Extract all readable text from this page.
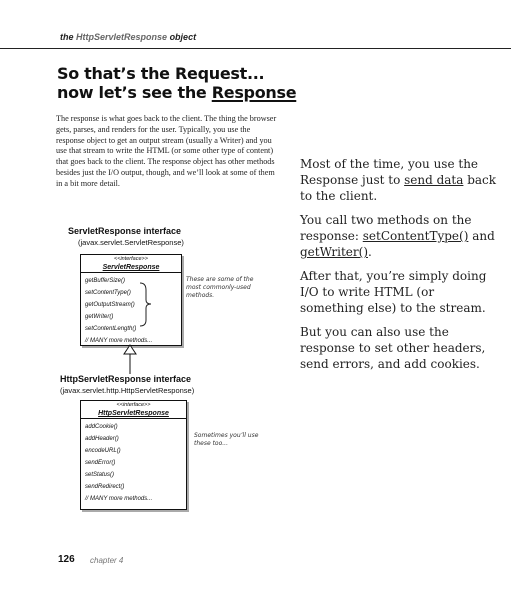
the HttpServletResponse object
So that’s the Request...
now let’s see the Response
The response is what goes back to the client. The thing the browser gets, parses, and renders for the user. Typically, you use the response object to get an output stream (usually a Writer) and you use that stream to write the HTML (or some other type of content) that goes back to the client. The response object has other methods besides just the I/O output, though, and we’ll look at some of them in a bit more detail.
Most of the time, you use the Response just to send data back to the client.
You call two methods on the response: setContentType() and getWriter().
After that, you’re simply doing I/O to write HTML (or something else) to the stream.
But you can also use the response to set other headers, send errors, and add cookies.
ServletResponse interface
(javax.servlet.ServletResponse)
<<interface>>
ServletResponse
getBufferSize()
setContentType()
getOutputStream()
getWriter()
setContentLength()
// MANY more methods...
These are some of the most commonly-used methods.
HttpServletResponse interface
(javax.servlet.http.HttpServletResponse)
<<interface>>
HttpServletResponse
addCookie()
addHeader()
encodeURL()
sendError()
setStatus()
sendRedirect()
// MANY more methods...
Sometimes you’ll use these too...
126 chapter 4
